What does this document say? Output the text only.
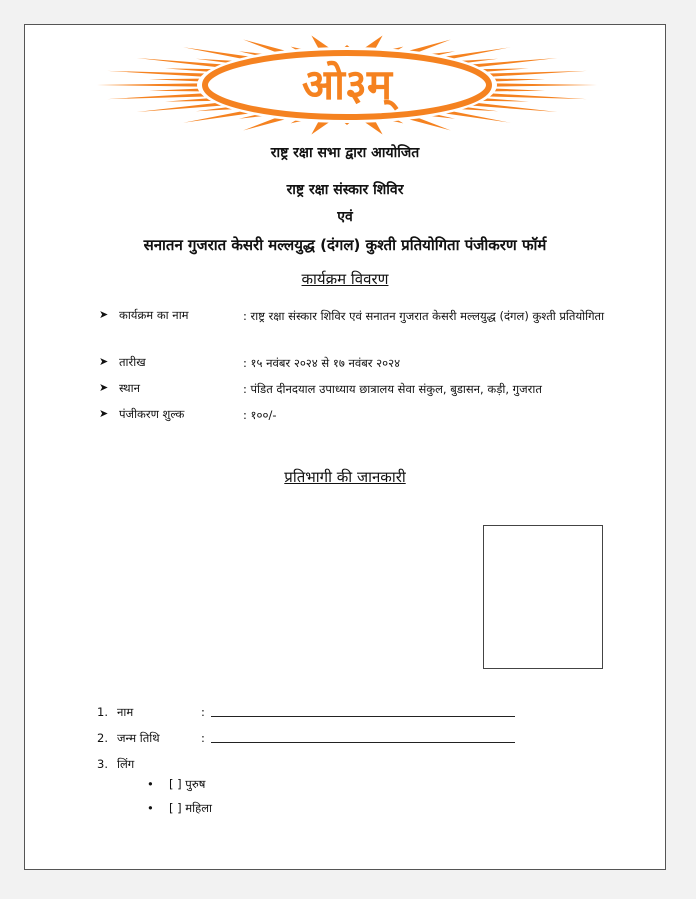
ओ३म्
राष्ट्र रक्षा सभा द्वारा आयोजित
राष्ट्र रक्षा संस्कार शिविर
एवं
सनातन गुजरात केसरी मल्लयुद्ध (दंगल) कुश्ती प्रतियोगिता पंजीकरण फॉर्म
कार्यक्रम विवरण
➤ कार्यक्रम का नाम	: राष्ट्र रक्षा संस्कार शिविर एवं सनातन गुजरात केसरी मल्लयुद्ध (दंगल) कुश्ती प्रतियोगिता
➤ तारीख	: १५ नवंबर २०२४ से १७ नवंबर २०२४
➤ स्थान	: पंडित दीनदयाल उपाध्याय छात्रालय सेवा संकुल, बुडासन, कड़ी, गुजरात
➤ पंजीकरण शुल्क	: १००/-
प्रतिभागी की जानकारी
1. नाम	:
2. जन्म तिथि	:
3. लिंग
• [ ] पुरुष
• [ ] महिला
